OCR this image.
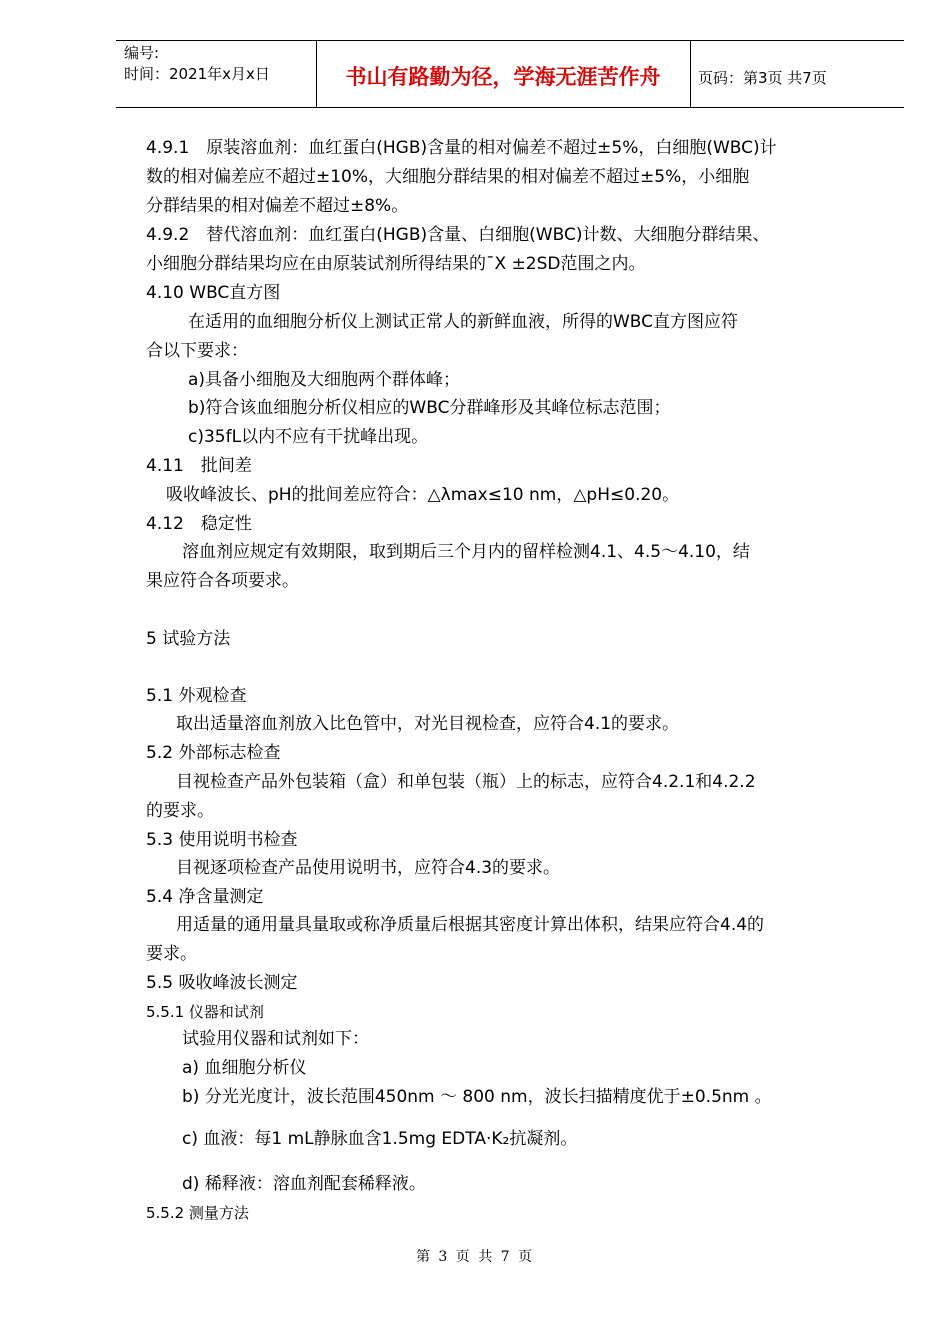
编号:
时间：2021年x月x日	书山有路勤为径，学海无涯苦作舟	页码：第3页 共7页
4.9.1　原装溶血剂：血红蛋白(HGB)含量的相对偏差不超过±5%，白细胞(WBC)计
数的相对偏差应不超过±10%，大细胞分群结果的相对偏差不超过±5%，小细胞
分群结果的相对偏差不超过±8%。
4.9.2　替代溶血剂：血红蛋白(HGB)含量、白细胞(WBC)计数、大细胞分群结果、
小细胞分群结果均应在由原装试剂所得结果的¯X ±2SD范围之内。
4.10 WBC直方图
在适用的血细胞分析仪上测试正常人的新鲜血液，所得的WBC直方图应符
合以下要求：
a)具备小细胞及大细胞两个群体峰；
b)符合该血细胞分析仪相应的WBC分群峰形及其峰位标志范围；
c)35fL以内不应有干扰峰出现。
4.11　批间差
吸收峰波长、pH的批间差应符合：△λmax≤10 nm，△pH≤0.20。
4.12　稳定性
溶血剂应规定有效期限，取到期后三个月内的留样检测4.1、4.5～4.10，结
果应符合各项要求。
5 试验方法
5.1 外观检查
取出适量溶血剂放入比色管中，对光目视检查，应符合4.1的要求。
5.2 外部标志检查
目视检查产品外包装箱（盒）和单包装（瓶）上的标志，应符合4.2.1和4.2.2
的要求。
5.3 使用说明书检查
目视逐项检查产品使用说明书，应符合4.3的要求。
5.4 净含量测定
用适量的通用量具量取或称净质量后根据其密度计算出体积，结果应符合4.4的
要求。
5.5 吸收峰波长测定
5.5.1 仪器和试剂
试验用仪器和试剂如下：
a) 血细胞分析仪
b) 分光光度计，波长范围450nm ～ 800 nm，波长扫描精度优于±0.5nm 。
c) 血液：每1 mL静脉血含1.5mg EDTA·K₂抗凝剂。
d) 稀释液：溶血剂配套稀释液。
5.5.2 测量方法
第 3 页 共 7 页
